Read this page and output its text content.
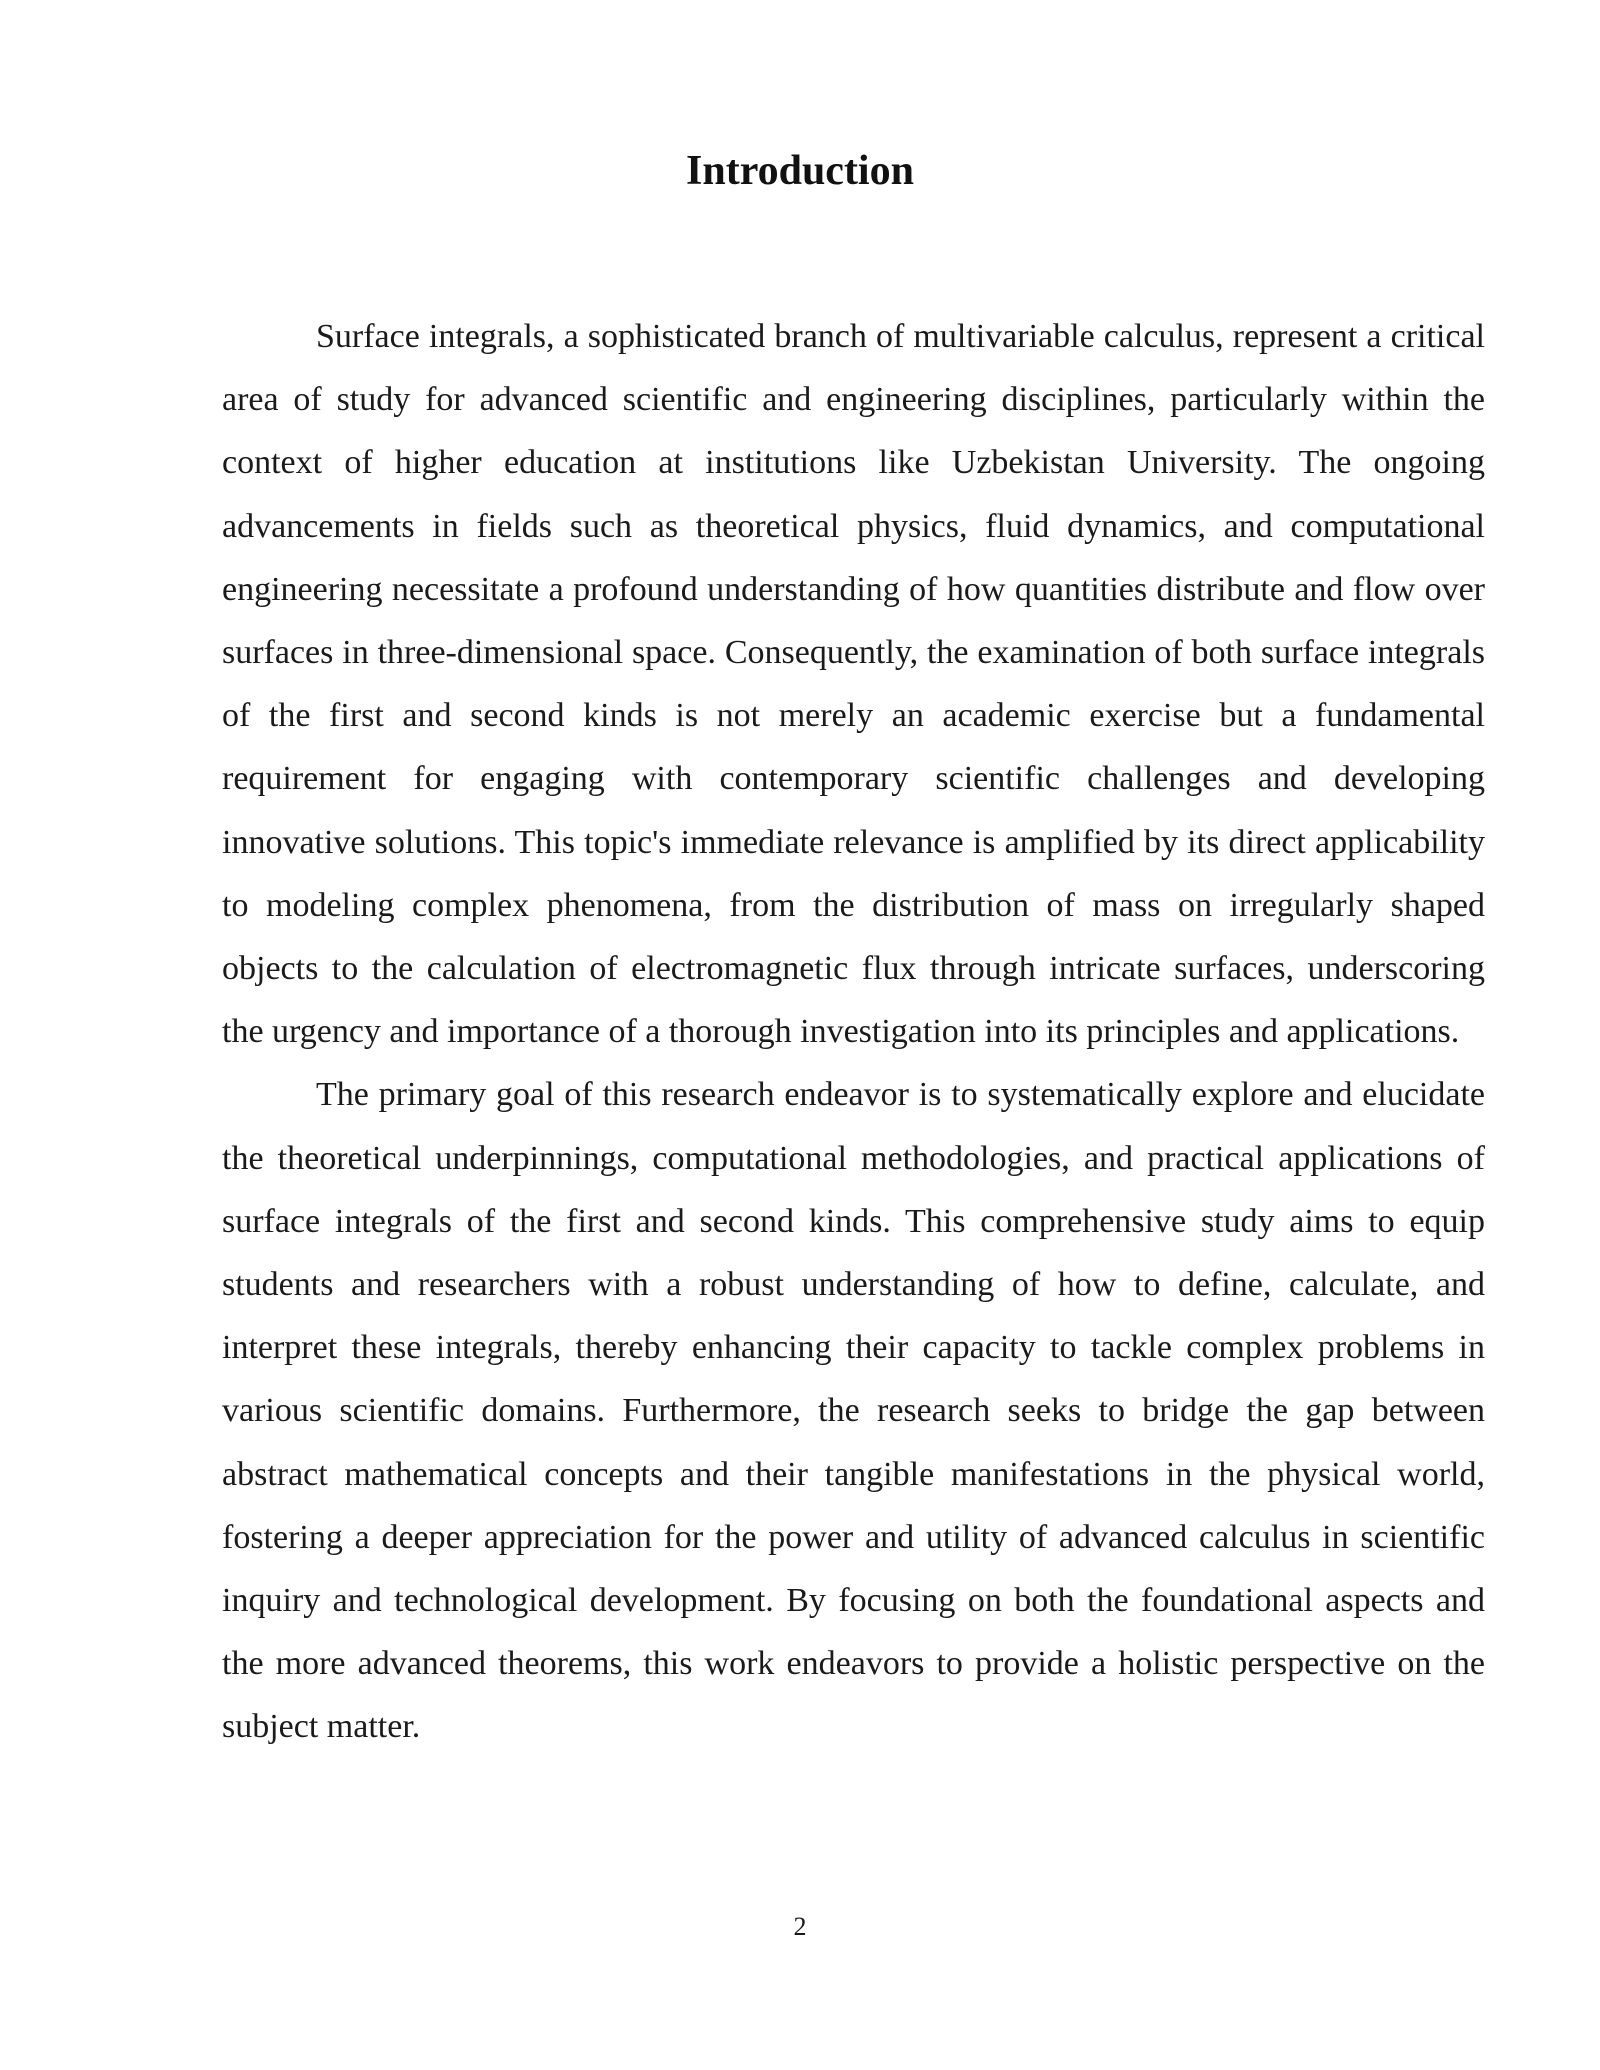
Introduction

Surface integrals, a sophisticated branch of multivariable calculus, represent a critical area of study for advanced scientific and engineering disciplines, particularly within the context of higher education at institutions like Uzbekistan University. The ongoing advancements in fields such as theoretical physics, fluid dynamics, and computational engineering necessitate a profound understanding of how quantities distribute and flow over surfaces in three-dimensional space. Consequently, the examination of both surface integrals of the first and second kinds is not merely an academic exercise but a fundamental requirement for engaging with contemporary scientific challenges and developing innovative solutions. This topic's immediate relevance is amplified by its direct applicability to modeling complex phenomena, from the distribution of mass on irregularly shaped objects to the calculation of electromagnetic flux through intricate surfaces, underscoring the urgency and importance of a thorough investigation into its principles and applications.

The primary goal of this research endeavor is to systematically explore and elucidate the theoretical underpinnings, computational methodologies, and practical applications of surface integrals of the first and second kinds. This comprehensive study aims to equip students and researchers with a robust understanding of how to define, calculate, and interpret these integrals, thereby enhancing their capacity to tackle complex problems in various scientific domains. Furthermore, the research seeks to bridge the gap between abstract mathematical concepts and their tangible manifestations in the physical world, fostering a deeper appreciation for the power and utility of advanced calculus in scientific inquiry and technological development. By focusing on both the foundational aspects and the more advanced theorems, this work endeavors to provide a holistic perspective on the subject matter.

2
